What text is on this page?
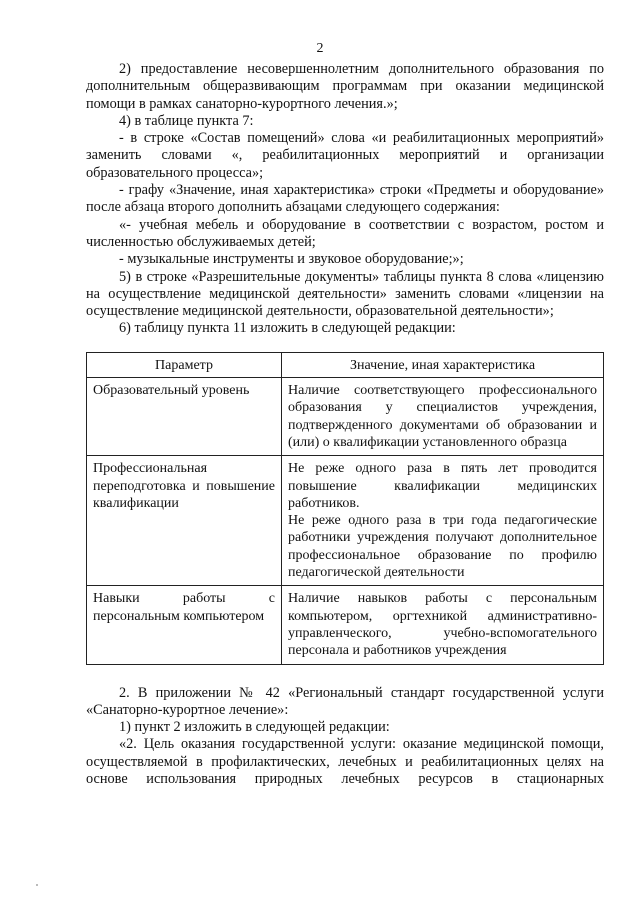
2

2) предоставление несовершеннолетним дополнительного образования по дополнительным общеразвивающим программам при оказании медицинской помощи в рамках санаторно-курортного лечения.»;

4) в таблице пункта 7:

- в строке «Состав помещений» слова «и реабилитационных мероприятий» заменить словами «, реабилитационных мероприятий и организации образовательного процесса»;

- графу «Значение, иная характеристика» строки «Предметы и оборудование» после абзаца второго дополнить абзацами следующего содержания:

«- учебная мебель и оборудование в соответствии с возрастом, ростом и численностью обслуживаемых детей;

- музыкальные инструменты и звуковое оборудование;»;

5) в строке «Разрешительные документы» таблицы пункта 8 слова «лицензию на осуществление медицинской деятельности» заменить словами «лицензии на осуществление медицинской деятельности, образовательной деятельности»;

6) таблицу пункта 11 изложить в следующей редакции:

Параметр	Значение, иная характеристика
Образовательный уровень	Наличие соответствующего профессионального образования у специалистов учреждения, подтвержденного документами об образовании и (или) о квалификации установленного образца

Профессиональная переподготовка и повышение квалификации	Не реже одного раза в пять лет проводится повышение квалификации медицинских работников.
Не реже одного раза в три года педагогические работники учреждения получают дополнительное профессиональное образование по профилю педагогической деятельности

Навыки работы с персональным компьютером	Наличие навыков работы с персональным компьютером, оргтехникой административно-управленческого, учебно-вспомогательного персонала и работников учреждения

2. В приложении № 42 «Региональный стандарт государственной услуги «Санаторно-курортное лечение»:

1) пункт 2 изложить в следующей редакции:

«2. Цель оказания государственной услуги: оказание медицинской помощи, осуществляемой в профилактических, лечебных и реабилитационных целях на основе использования природных лечебных ресурсов в стационарных
